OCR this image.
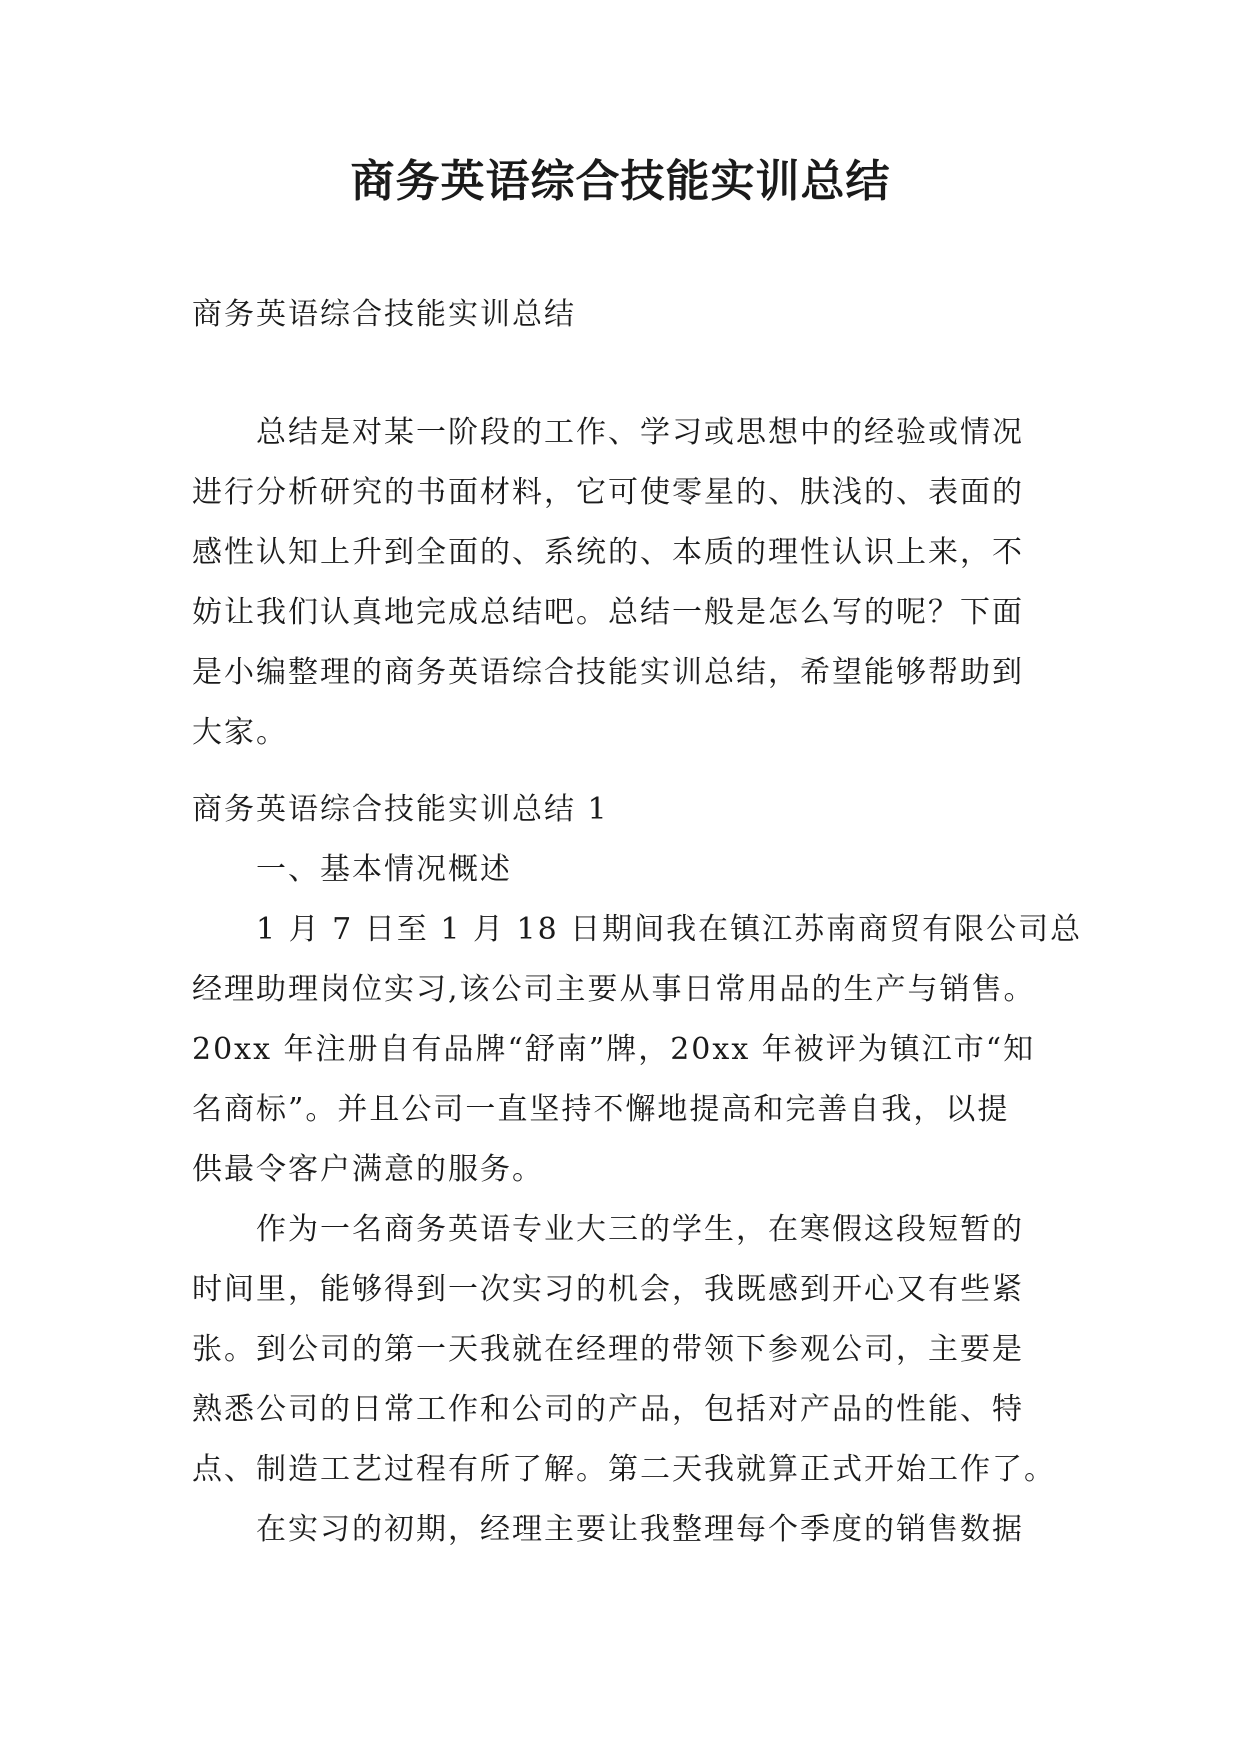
商务英语综合技能实训总结
商务英语综合技能实训总结
总结是对某一阶段的工作、学习或思想中的经验或情况
进行分析研究的书面材料，它可使零星的、肤浅的、表面的
感性认知上升到全面的、系统的、本质的理性认识上来，不
妨让我们认真地完成总结吧。总结一般是怎么写的呢？下面
是小编整理的商务英语综合技能实训总结，希望能够帮助到
大家。
商务英语综合技能实训总结 1
一、基本情况概述
1 月 7 日至 1 月 18 日期间我在镇江苏南商贸有限公司总
经理助理岗位实习,该公司主要从事日常用品的生产与销售。
20xx 年注册自有品牌“舒南”牌，20xx 年被评为镇江市“知
名商标”。并且公司一直坚持不懈地提高和完善自我，以提
供最令客户满意的服务。
作为一名商务英语专业大三的学生，在寒假这段短暂的
时间里，能够得到一次实习的机会，我既感到开心又有些紧
张。到公司的第一天我就在经理的带领下参观公司，主要是
熟悉公司的日常工作和公司的产品，包括对产品的性能、特
点、制造工艺过程有所了解。第二天我就算正式开始工作了。
在实习的初期，经理主要让我整理每个季度的销售数据
